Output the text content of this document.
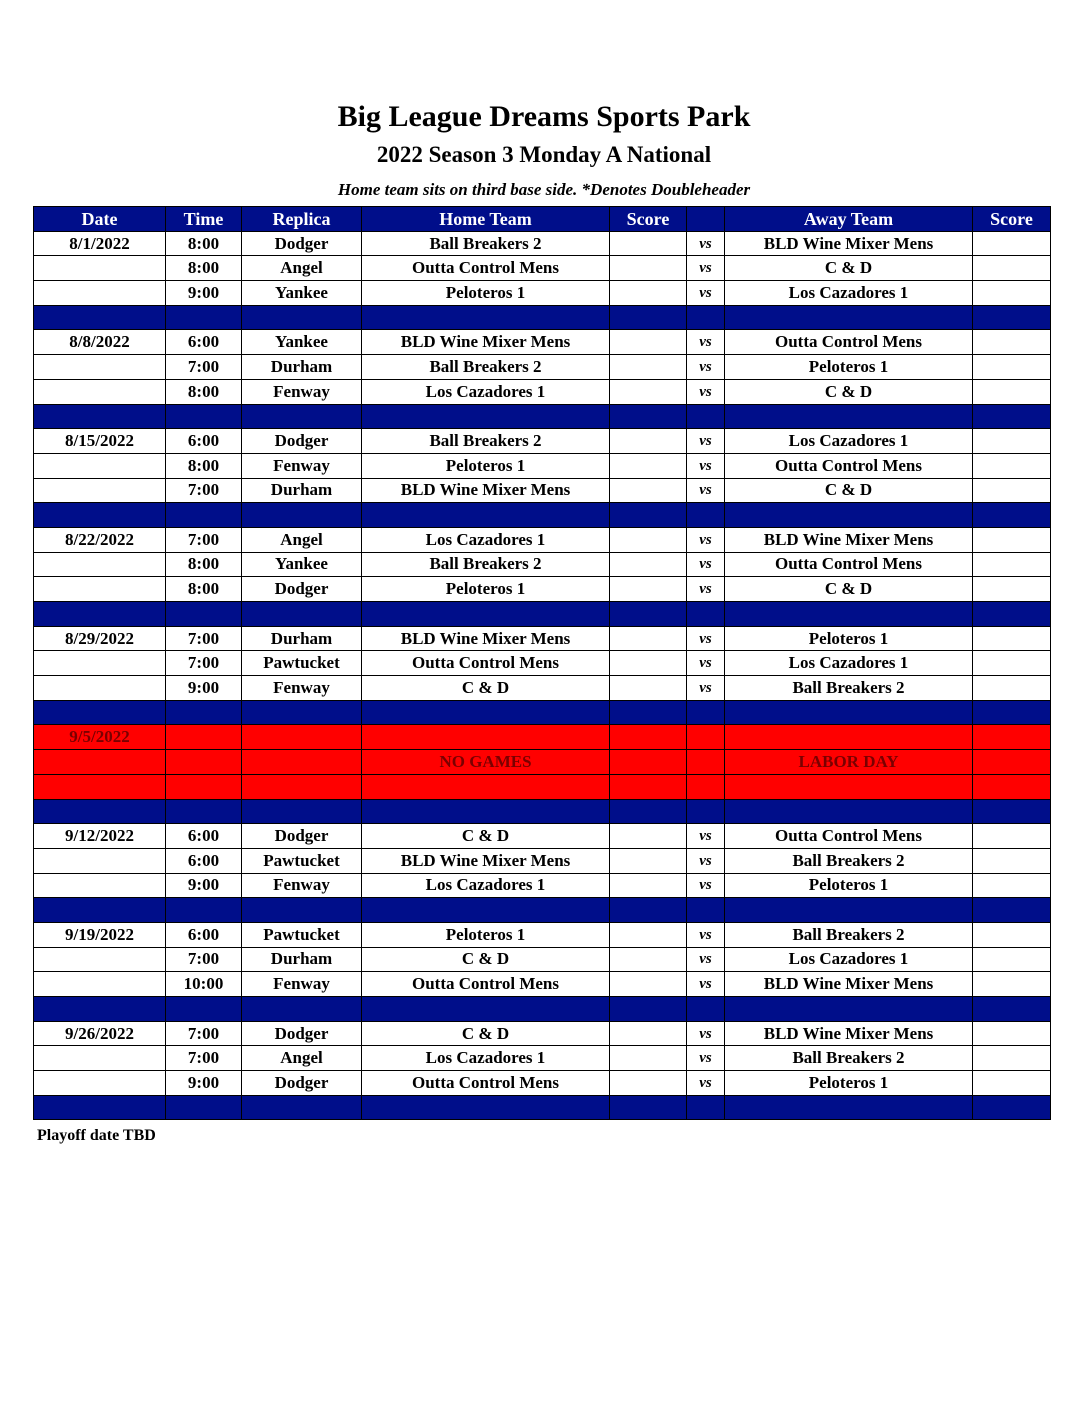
Big League Dreams Sports Park
2022 Season 3 Monday A National
Home team sits on third base side. *Denotes Doubleheader
Date	Time	Replica	Home Team	Score		Away Team	Score
8/1/2022	8:00	Dodger	Ball Breakers 2		vs	BLD Wine Mixer Mens	
	8:00	Angel	Outta Control Mens		vs	C & D	
	9:00	Yankee	Peloteros 1		vs	Los Cazadores 1	

8/8/2022	6:00	Yankee	BLD Wine Mixer Mens		vs	Outta Control Mens	
	7:00	Durham	Ball Breakers 2		vs	Peloteros 1	
	8:00	Fenway	Los Cazadores 1		vs	C & D	

8/15/2022	6:00	Dodger	Ball Breakers 2		vs	Los Cazadores 1	
	8:00	Fenway	Peloteros 1		vs	Outta Control Mens	
	7:00	Durham	BLD Wine Mixer Mens		vs	C & D	

8/22/2022	7:00	Angel	Los Cazadores 1		vs	BLD Wine Mixer Mens	
	8:00	Yankee	Ball Breakers 2		vs	Outta Control Mens	
	8:00	Dodger	Peloteros 1		vs	C & D	

8/29/2022	7:00	Durham	BLD Wine Mixer Mens		vs	Peloteros 1	
	7:00	Pawtucket	Outta Control Mens		vs	Los Cazadores 1	
	9:00	Fenway	C & D		vs	Ball Breakers 2	

9/5/2022							
			NO GAMES			LABOR DAY	

9/12/2022	6:00	Dodger	C & D		vs	Outta Control Mens	
	6:00	Pawtucket	BLD Wine Mixer Mens		vs	Ball Breakers 2	
	9:00	Fenway	Los Cazadores 1		vs	Peloteros 1	

9/19/2022	6:00	Pawtucket	Peloteros 1		vs	Ball Breakers 2	
	7:00	Durham	C & D		vs	Los Cazadores 1	
	10:00	Fenway	Outta Control Mens		vs	BLD Wine Mixer Mens	

9/26/2022	7:00	Dodger	C & D		vs	BLD Wine Mixer Mens	
	7:00	Angel	Los Cazadores 1		vs	Ball Breakers 2	
	9:00	Dodger	Outta Control Mens		vs	Peloteros 1	

Playoff date TBD
